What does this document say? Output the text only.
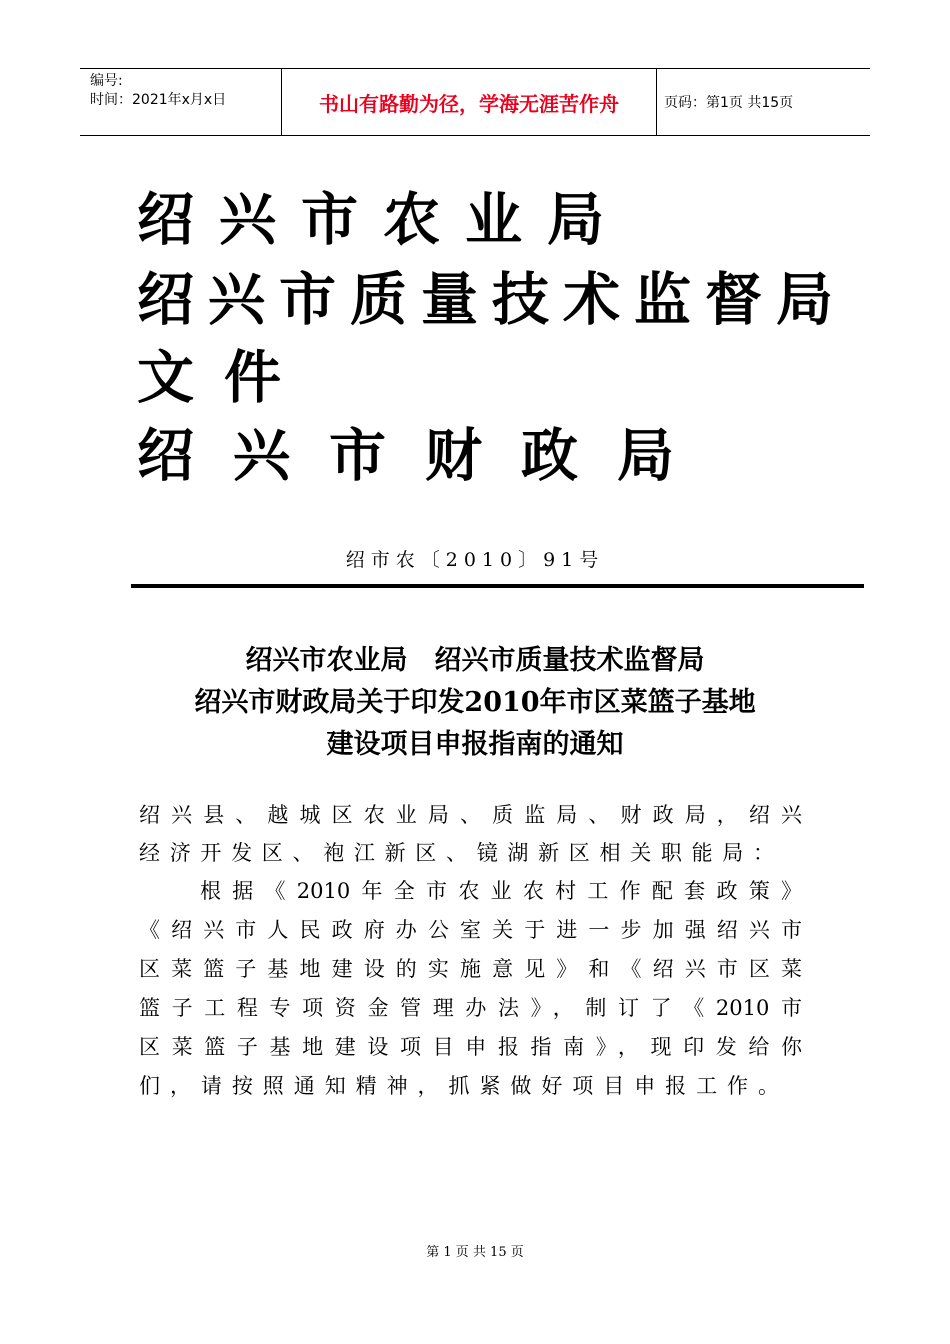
编号:
时间：2021年x月x日	书山有路勤为径，学海无涯苦作舟	页码：第1页 共15页
绍兴市农业局
绍兴市质量技术监督局
文件
绍兴市财政局
绍市农〔2010〕91号
绍兴市农业局　绍兴市质量技术监督局
绍兴市财政局关于印发2010年市区菜篮子基地
建设项目申报指南的通知
绍兴县、越城区农业局、质监局、财政局，绍兴
经济开发区、袍江新区、镜湖新区相关职能局：
根据《2010年全市农业农村工作配套政策》
《绍兴市人民政府办公室关于进一步加强绍兴市
区菜篮子基地建设的实施意见》和《绍兴市区菜
篮子工程专项资金管理办法》，制订了《2010市
区菜篮子基地建设项目申报指南》，现印发给你
们，请按照通知精神，抓紧做好项目申报工作。
第 1 页 共 15 页
